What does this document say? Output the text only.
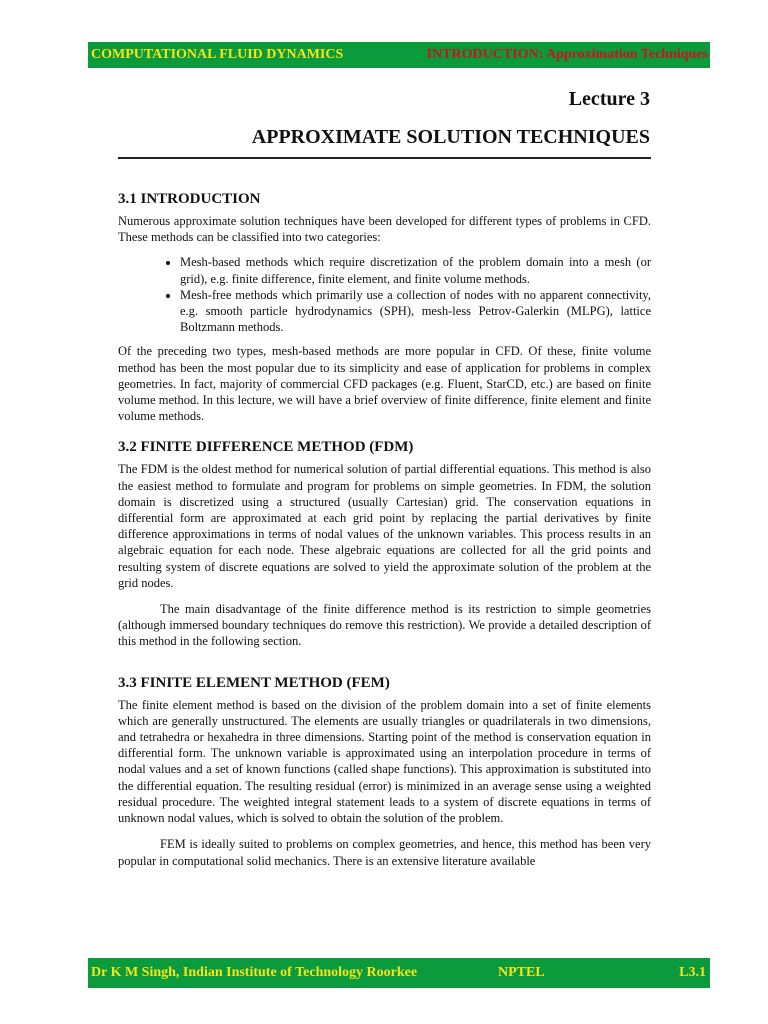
COMPUTATIONAL FLUID DYNAMICS	INTRODUCTION: Approximation Techniques
Lecture 3
APPROXIMATE SOLUTION TECHNIQUES
3.1 INTRODUCTION

Numerous approximate solution techniques have been developed for different types of problems in CFD. These methods can be classified into two categories:

• Mesh-based methods which require discretization of the problem domain into a mesh (or grid), e.g. finite difference, finite element, and finite volume methods.
• Mesh-free methods which primarily use a collection of nodes with no apparent connectivity, e.g. smooth particle hydrodynamics (SPH), mesh-less Petrov-Galerkin (MLPG), lattice Boltzmann methods.

Of the preceding two types, mesh-based methods are more popular in CFD. Of these, finite volume method has been the most popular due to its simplicity and ease of application for problems in complex geometries. In fact, majority of commercial CFD packages (e.g. Fluent, StarCD, etc.) are based on finite volume method. In this lecture, we will have a brief overview of finite difference, finite element and finite volume methods.

3.2 FINITE DIFFERENCE METHOD (FDM)

The FDM is the oldest method for numerical solution of partial differential equations. This method is also the easiest method to formulate and program for problems on simple geometries. In FDM, the solution domain is discretized using a structured (usually Cartesian) grid. The conservation equations in differential form are approximated at each grid point by replacing the partial derivatives by finite difference approximations in terms of nodal values of the unknown variables. This process results in an algebraic equation for each node. These algebraic equations are collected for all the grid points and resulting system of discrete equations are solved to yield the approximate solution of the problem at the grid nodes.

The main disadvantage of the finite difference method is its restriction to simple geometries (although immersed boundary techniques do remove this restriction). We provide a detailed description of this method in the following section.

3.3 FINITE ELEMENT METHOD (FEM)

The finite element method is based on the division of the problem domain into a set of finite elements which are generally unstructured. The elements are usually triangles or quadrilaterals in two dimensions, and tetrahedra or hexahedra in three dimensions. Starting point of the method is conservation equation in differential form. The unknown variable is approximated using an interpolation procedure in terms of nodal values and a set of known functions (called shape functions). This approximation is substituted into the differential equation. The resulting residual (error) is minimized in an average sense using a weighted residual procedure. The weighted integral statement leads to a system of discrete equations in terms of unknown nodal values, which is solved to obtain the solution of the problem.

FEM is ideally suited to problems on complex geometries, and hence, this method has been very popular in computational solid mechanics. There is an extensive literature available

Dr K M Singh, Indian Institute of Technology Roorkee	NPTEL	L3.1
